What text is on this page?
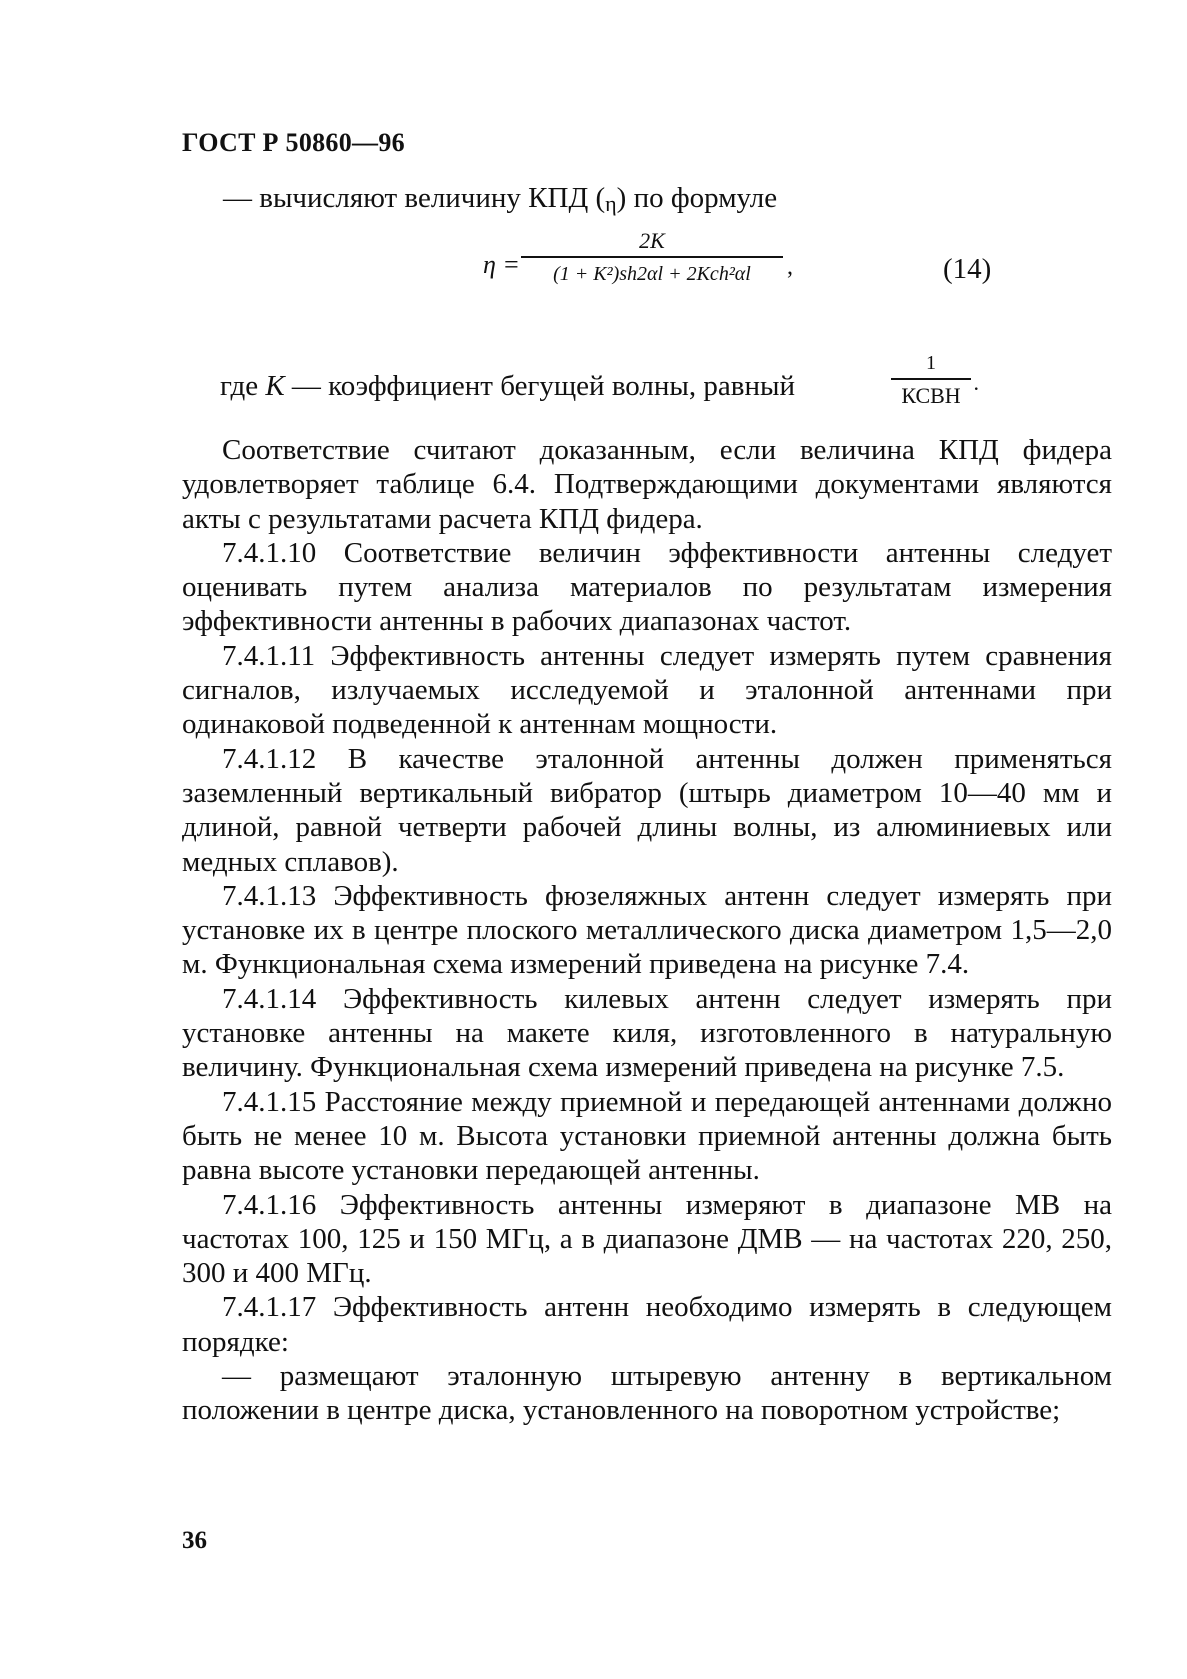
ГОСТ Р 50860—96
— вычисляют величину КПД (η) по формуле
η =
2K
(1 + K²)sh2αl + 2Kch²αl	,	(14)
где K — коэффициент бегущей волны, равный
1
КСВН
.

Соответствие считают доказанным, если величина КПД фидера удовлетворяет таблице 6.4. Подтверждающими документами являются акты с результатами расчета КПД фидера.

7.4.1.10 Соответствие величин эффективности антенны следует оценивать путем анализа материалов по результатам измерения эффективности антенны в рабочих диапазонах частот.

7.4.1.11 Эффективность антенны следует измерять путем сравнения сигналов, излучаемых исследуемой и эталонной антеннами при одинаковой подведенной к антеннам мощности.

7.4.1.12 В качестве эталонной антенны должен применяться заземленный вертикальный вибратор (штырь диаметром 10—40 мм и длиной, равной четверти рабочей длины волны, из алюминиевых или медных сплавов).

7.4.1.13 Эффективность фюзеляжных антенн следует измерять при установке их в центре плоского металлического диска диаметром 1,5—2,0 м. Функциональная схема измерений приведена на рисунке 7.4.

7.4.1.14 Эффективность килевых антенн следует измерять при установке антенны на макете киля, изготовленного в натуральную величину. Функциональная схема измерений приведена на рисунке 7.5.

7.4.1.15 Расстояние между приемной и передающей антеннами должно быть не менее 10 м. Высота установки приемной антенны должна быть равна высоте установки передающей антенны.

7.4.1.16 Эффективность антенны измеряют в диапазоне МВ на частотах 100, 125 и 150 МГц, а в диапазоне ДМВ — на частотах 220, 250, 300 и 400 МГц.

7.4.1.17 Эффективность антенн необходимо измерять в следующем порядке:

— размещают эталонную штыревую антенну в вертикальном положении в центре диска, установленного на поворотном устройстве;

36
